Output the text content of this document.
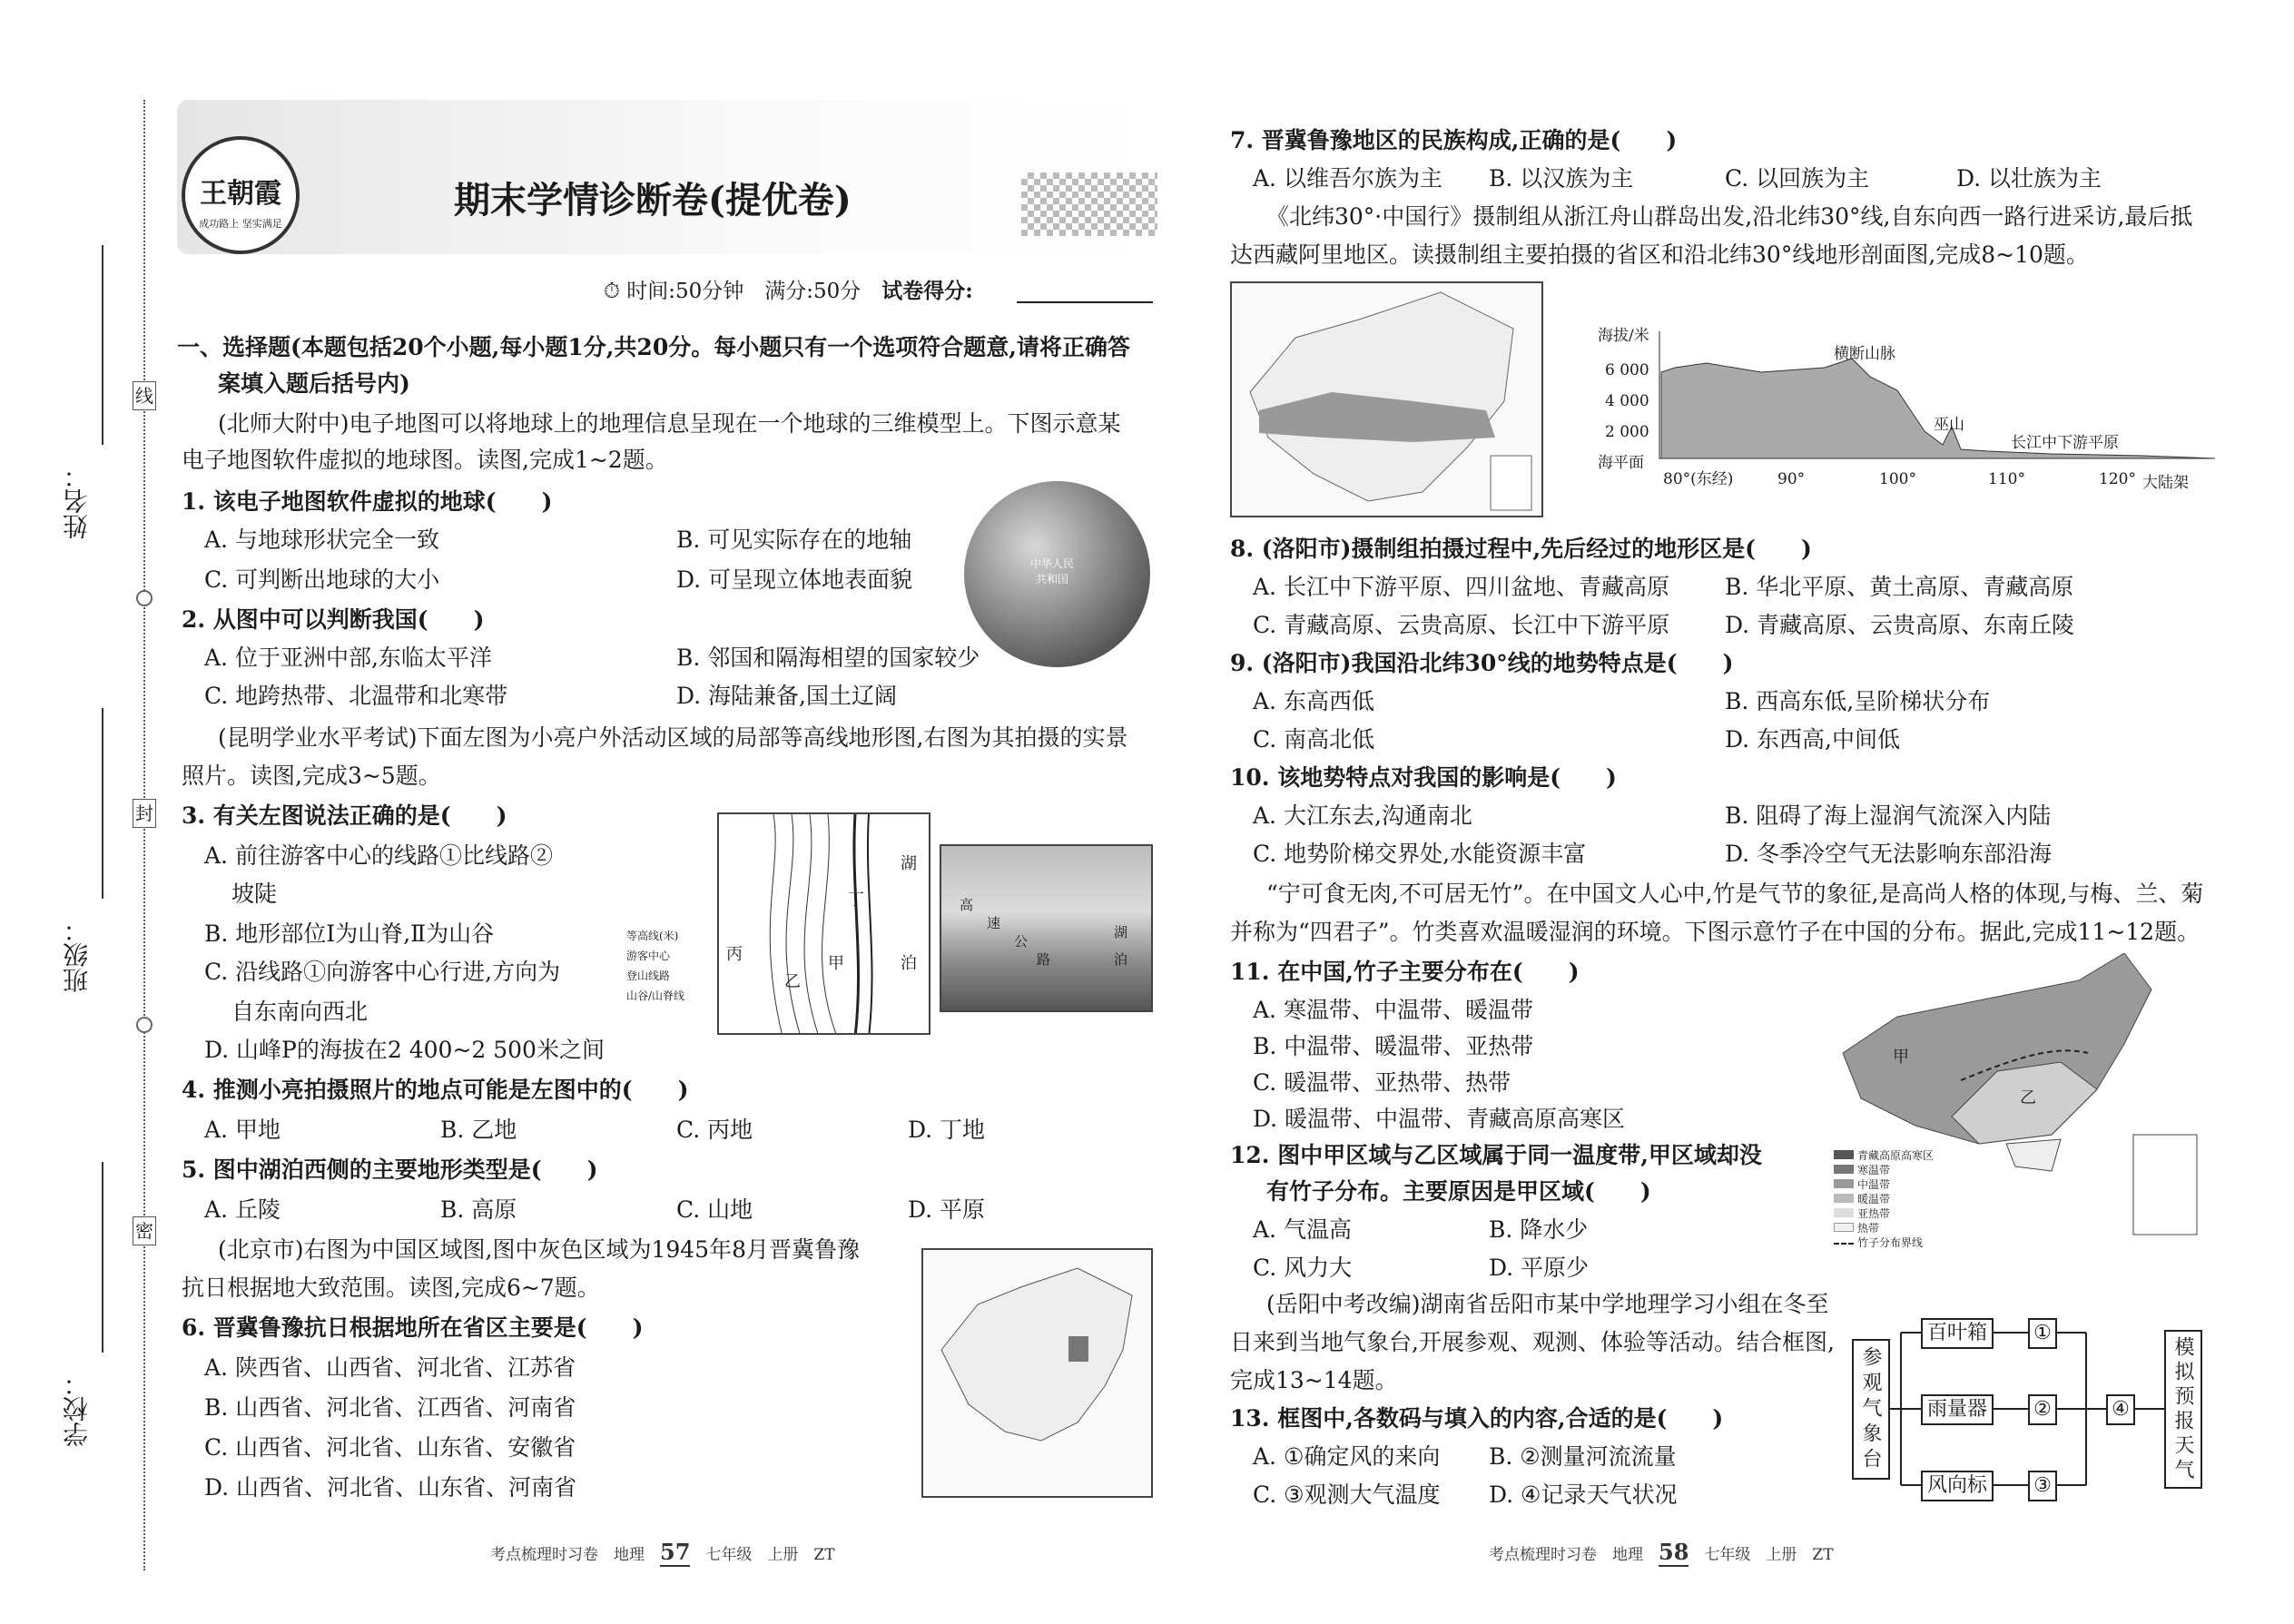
姓名：
班级：
学校：
线
封
密
王朝霞
成功路上 坚实满足
期末学情诊断卷(提优卷)
⏱ 时间:50分钟　 满分:50分　 试卷得分:
一、选择题(本题包括20个小题,每小题1分,共20分。每小题只有一个选项符合题意,请将正确答
案填入题后括号内)
(北师大附中)电子地图可以将地球上的地理信息呈现在一个地球的三维模型上。下图示意某
电子地图软件虚拟的地球图。读图,完成1~2题。
1. 该电子地图软件虚拟的地球(　　)
A. 与地球形状完全一致	B. 可见实际存在的地轴
C. 可判断出地球的大小	D. 可呈现立体地表面貌
中华人民共和国
2. 从图中可以判断我国(　　)
A. 位于亚洲中部,东临太平洋	B. 邻国和隔海相望的国家较少
C. 地跨热带、北温带和北寒带	D. 海陆兼备,国土辽阔
(昆明学业水平考试)下面左图为小亮户外活动区域的局部等高线地形图,右图为其拍摄的实景
照片。读图,完成3~5题。
3. 有关左图说法正确的是(　　)
A. 前往游客中心的线路①比线路②
坡陡
B. 地形部位Ⅰ为山脊,Ⅱ为山谷
C. 沿线路①向游客中心行进,方向为
自东南向西北
D. 山峰P的海拔在2 400~2 500米之间
湖
泊
丁
丙	甲
乙
等高线(米)
游客中心
登山线路
山谷/山脊线
高
速
公
路
湖
泊
4. 推测小亮拍摄照片的地点可能是左图中的(　　)
A. 甲地	B. 乙地	C. 丙地	D. 丁地
5. 图中湖泊西侧的主要地形类型是(　　)
A. 丘陵	B. 高原	C. 山地	D. 平原
(北京市)右图为中国区域图,图中灰色区域为1945年8月晋冀鲁豫
抗日根据地大致范围。读图,完成6~7题。
6. 晋冀鲁豫抗日根据地所在省区主要是(　　)
A. 陕西省、山西省、河北省、江苏省
B. 山西省、河北省、江西省、河南省
C. 山西省、河北省、山东省、安徽省
D. 山西省、河北省、山东省、河南省
考点梳理时习卷　地理　 57　 七年级　上册　ZT
7. 晋冀鲁豫地区的民族构成,正确的是(　　)
A. 以维吾尔族为主 B. 以汉族为主	C. 以回族为主	D. 以壮族为主
《北纬30°·中国行》摄制组从浙江舟山群岛出发,沿北纬30°线,自东向西一路行进采访,最后抵
达西藏阿里地区。读摄制组主要拍摄的省区和沿北纬30°线地形剖面图,完成8~10题。
海拔/米
6 000
4 000
2 000
海平面
80°(东经)	90°	100°	110°	120°
横断山脉
巫山
长江中下游平原
大陆架
8. (洛阳市)摄制组拍摄过程中,先后经过的地形区是(　　)
A. 长江中下游平原、四川盆地、青藏高原 B. 华北平原、黄土高原、青藏高原
C. 青藏高原、云贵高原、长江中下游平原 D. 青藏高原、云贵高原、东南丘陵
9. (洛阳市)我国沿北纬30°线的地势特点是(　　)
A. 东高西低	B. 西高东低,呈阶梯状分布
C. 南高北低	D. 东西高,中间低
10. 该地势特点对我国的影响是(　　)
A. 大江东去,沟通南北	B. 阻碍了海上湿润气流深入内陆
C. 地势阶梯交界处,水能资源丰富	D. 冬季冷空气无法影响东部沿海
“宁可食无肉,不可居无竹”。在中国文人心中,竹是气节的象征,是高尚人格的体现,与梅、兰、菊
并称为“四君子”。竹类喜欢温暖湿润的环境。下图示意竹子在中国的分布。据此,完成11~12题。
11. 在中国,竹子主要分布在(　　)
A. 寒温带、中温带、暖温带
B. 中温带、暖温带、亚热带
C. 暖温带、亚热带、热带
D. 暖温带、中温带、青藏高原高寒区
12. 图中甲区域与乙区域属于同一温度带,甲区域却没
有竹子分布。主要原因是甲区域(　　)
A. 气温高	B. 降水少
C. 风力大	D. 平原少
甲
乙
青藏高原高寒区
寒温带
中温带
暖温带
亚热带
热带
竹子分布界线
(岳阳中考改编)湖南省岳阳市某中学地理学习小组在冬至
日来到当地气象台,开展参观、观测、体验等活动。结合框图,
完成13~14题。
13. 框图中,各数码与填入的内容,合适的是(　　)
A. ①确定风的来向 B. ②测量河流流量
C. ③观测大气温度 D. ④记录天气状况
参观气象台
百叶箱
雨量器
风向标
①
②
③
④	模拟预报天气
考点梳理时习卷　地理　 58　 七年级　上册　ZT
